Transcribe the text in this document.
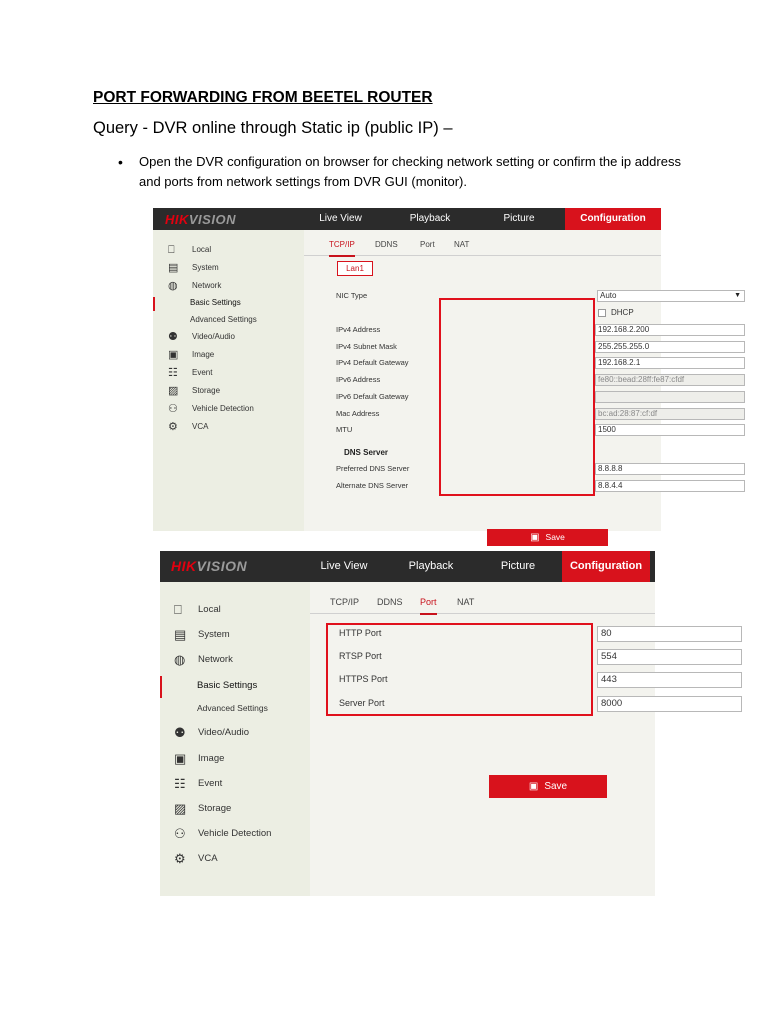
PORT FORWARDING FROM BEETEL ROUTER
Query - DVR online through Static ip (public IP) –
•	Open the DVR configuration on browser for checking network setting or confirm the ip address and ports from network settings from DVR GUI (monitor).
HIKVISION	Live View	Playback	Picture	Configuration
⎕	Local
▤	System
◍	Network
Basic Settings
Advanced Settings
⚉	Video/Audio
▣	Image
☷	Event
▨	Storage
⚇	Vehicle Detection
⚙	VCA
TCP/IP	DDNS	Port NAT
Lan1
NIC Type	Auto	▼
DHCP
IPv4 Address	192.168.2.200
IPv4 Subnet Mask	255.255.255.0
IPv4 Default Gateway	192.168.2.1
IPv6 Address	fe80::bead:28ff:fe87:cfdf
IPv6 Default Gateway
Mac Address	bc:ad:28:87:cf:df
MTU	1500
DNS Server
Preferred DNS Server	8.8.8.8
Alternate DNS Server	8.8.4.4
▣ Save
HIKVISION	Live View	Playback	Picture	Configuration
⎕	Local
▤	System
◍	Network
Basic Settings
Advanced Settings
⚉	Video/Audio
▣	Image
☷	Event
▨	Storage
⚇	Vehicle Detection
⚙	VCA
TCP/IP DDNS Port NAT
HTTP Port	80
RTSP Port	554
HTTPS Port	443
Server Port	8000
▣ Save
